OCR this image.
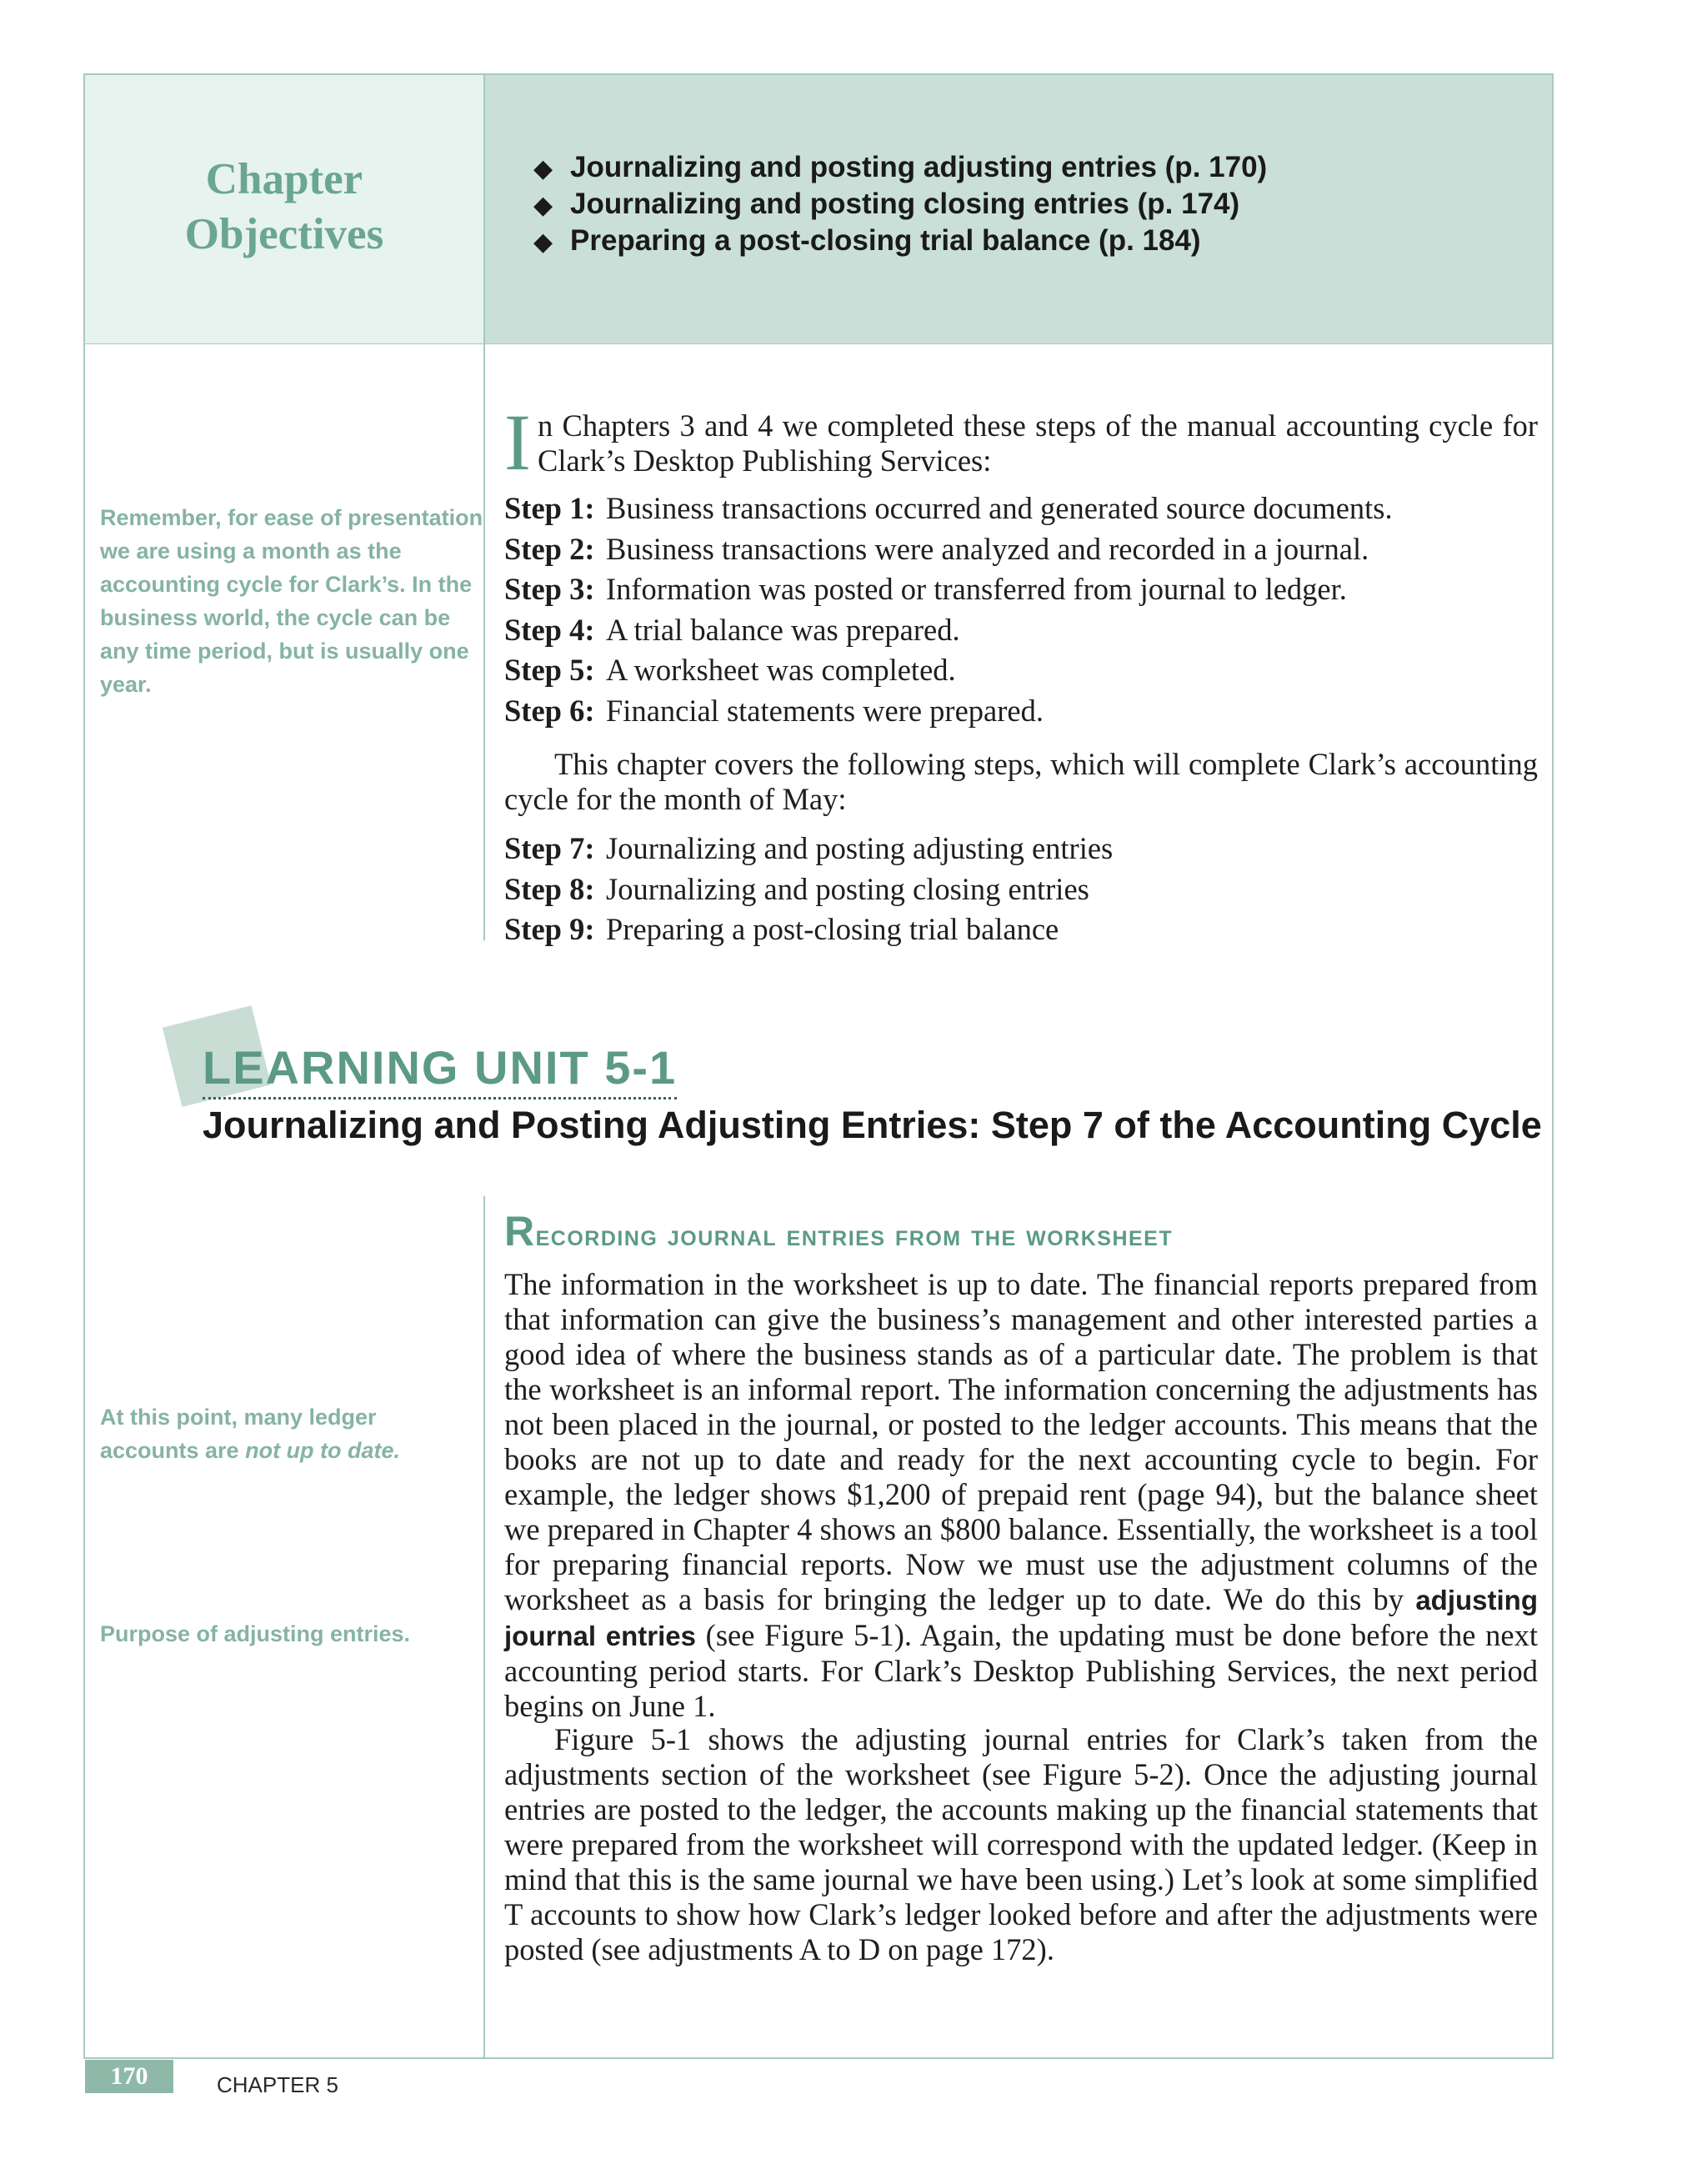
Chapter
Objectives
◆ Journalizing and posting adjusting entries (p. 170)
◆ Journalizing and posting closing entries (p. 174)
◆ Preparing a post-closing trial balance (p. 184)

In Chapters 3 and 4 we completed these steps of the manual accounting cycle for Clark’s Desktop Publishing Services:

Step 1: Business transactions occurred and generated source documents.
Step 2: Business transactions were analyzed and recorded in a journal.
Step 3: Information was posted or transferred from journal to ledger.
Step 4: A trial balance was prepared.
Step 5: A worksheet was completed.
Step 6: Financial statements were prepared.

This chapter covers the following steps, which will complete Clark’s accounting cycle for the month of May:

Step 7: Journalizing and posting adjusting entries
Step 8: Journalizing and posting closing entries
Step 9: Preparing a post-closing trial balance

Remember, for ease of presentation we are using a month as the accounting cycle for Clark’s. In the business world, the cycle can be any time period, but is usually one year.

At this point, many ledger accounts are not up to date.

Purpose of adjusting entries.

LEARNING UNIT 5-1
Journalizing and Posting Adjusting Entries: Step 7 of the Accounting Cycle
Recording journal entries from the worksheet

The information in the worksheet is up to date. The financial reports prepared from that information can give the business’s management and other interested parties a good idea of where the business stands as of a particular date. The problem is that the worksheet is an informal report. The information concerning the adjustments has not been placed in the journal, or posted to the ledger accounts. This means that the books are not up to date and ready for the next accounting cycle to begin. For example, the ledger shows $1,200 of prepaid rent (page 94), but the balance sheet we prepared in Chapter 4 shows an $800 balance. Essentially, the worksheet is a tool for preparing financial reports. Now we must use the adjustment columns of the worksheet as a basis for bringing the ledger up to date. We do this by adjusting journal entries (see Figure 5-1). Again, the updating must be done before the next accounting period starts. For Clark’s Desktop Publishing Services, the next period begins on June 1.

Figure 5-1 shows the adjusting journal entries for Clark’s taken from the adjustments section of the worksheet (see Figure 5-2). Once the adjusting journal entries are posted to the ledger, the accounts making up the financial statements that were prepared from the worksheet will correspond with the updated ledger. (Keep in mind that this is the same journal we have been using.) Let’s look at some simplified T accounts to show how Clark’s ledger looked before and after the adjustments were posted (see adjustments A to D on page 172).

170	CHAPTER 5
